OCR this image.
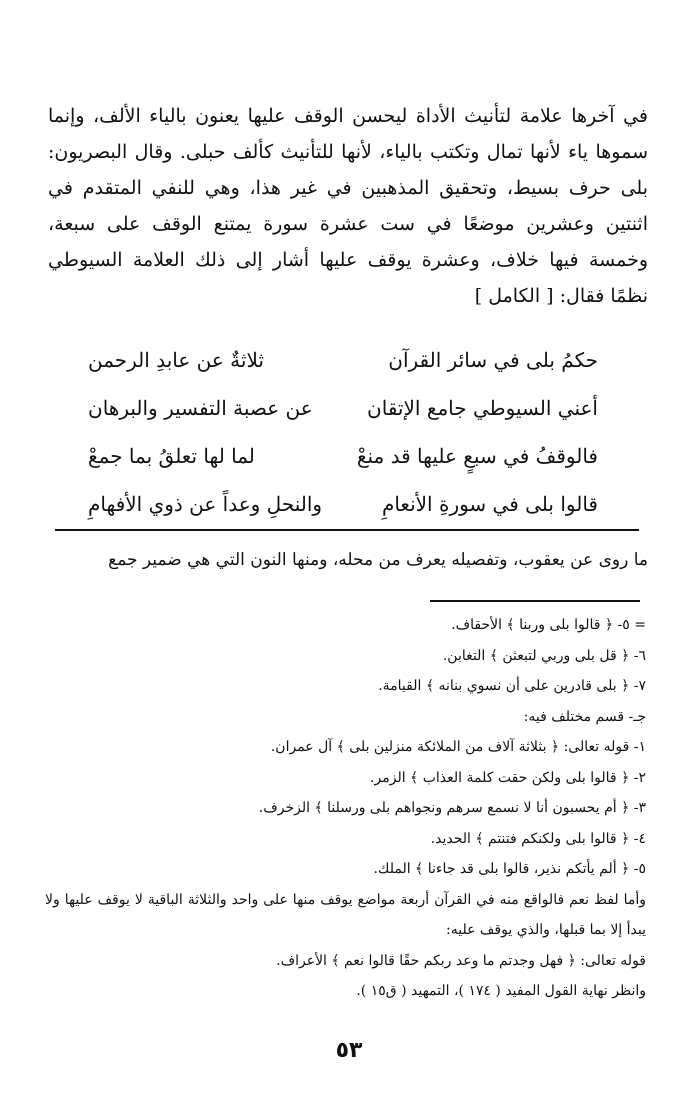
في آخرها علامة لتأنيث الأداة ليحسن الوقف عليها يعنون بالياء الألف، وإنما سموها ياء لأنها تمال وتكتب بالياء، لأنها للتأنيث كألف حبلى. وقال البصريون: بلى حرف بسيط، وتحقيق المذهبين في غير هذا، وهي للنفي المتقدم في اثنتين وعشرين موضعًا في ست عشرة سورة يمتنع الوقف على سبعة، وخمسة فيها خلاف، وعشرة يوقف عليها أشار إلى ذلك العلامة السيوطي نظمًا فقال: [ الكامل ]

حكمُ بلى في سائر القرآن
ثلاثةٌ عن عابدِ الرحمن
أعني السيوطي جامع الإتقان
عن عصبة التفسير والبرهان
فالوقفُ في سبعٍ عليها قد منعْ
لما لها تعلقُ بما جمعْ
قالوا بلى في سورةِ الأنعامِ
والنحلِ وعداً عن ذوي الأفهامِ
ما روى عن يعقوب، وتفصيله يعرف من محله، ومنها النون التي هي ضمير جمع
= ٥- ﴿ قالوا بلى وربنا ﴾ الأحقاف.
٦- ﴿ قل بلى وربي لتبعثن ﴾ التغابن.
٧- ﴿ بلى قادرين على أن نسوي بنانه ﴾ القيامة.
جـ- قسم مختلف فيه:
١- قوله تعالى: ﴿ بثلاثة آلاف من الملائكة منزلين بلى ﴾ آل عمران.
٢- ﴿ قالوا بلى ولكن حقت كلمة العذاب ﴾ الزمر.
٣- ﴿ أم يحسبون أنا لا نسمع سرهم ونجواهم بلى ورسلنا ﴾ الزخرف.
٤- ﴿ قالوا بلى ولكنكم فتنتم ﴾ الحديد.
٥- ﴿ ألم يأتكم نذير، قالوا بلى قد جاءنا ﴾ الملك.
وأما لفظ نعم فالواقع منه في القرآن أربعة مواضع يوقف منها على واحد والثلاثة الباقية لا يوقف عليها ولا يبدأ إلا بما قبلها، والذي يوقف عليه:
قوله تعالى: ﴿ فهل وجدتم ما وعد ربكم حقًا قالوا نعم ﴾ الأعراف.
وانظر نهاية القول المفيد ( ١٧٤ )، التمهيد ( ق١٥ ).
٥٣
